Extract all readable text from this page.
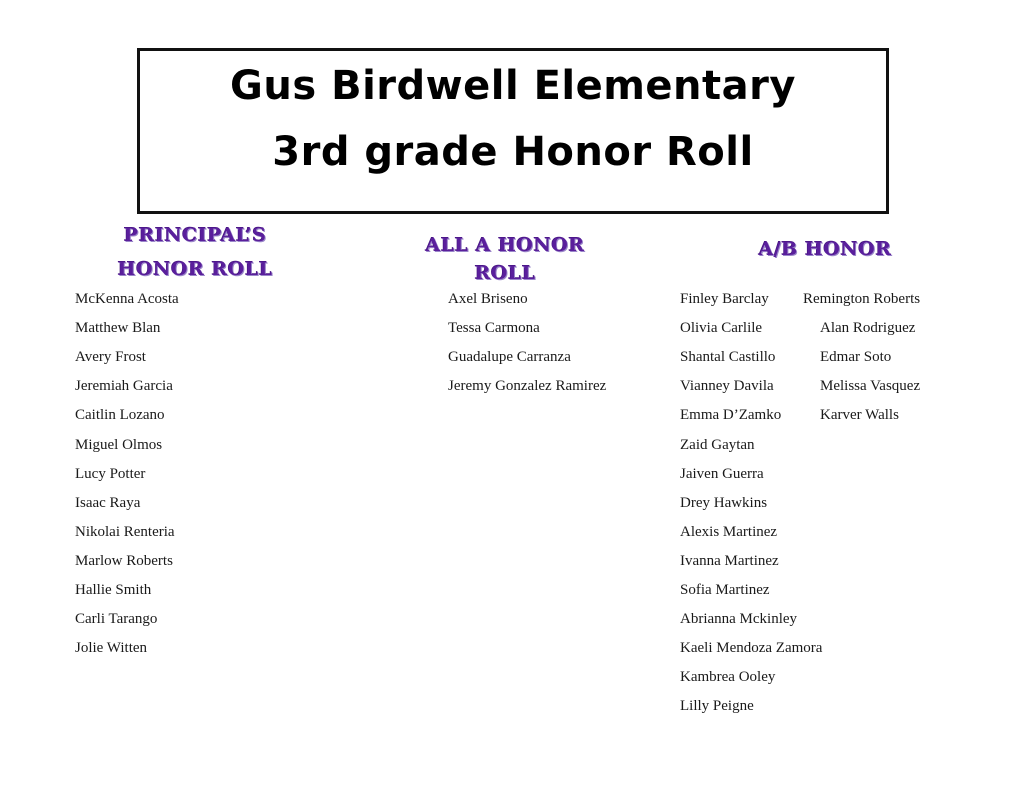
Gus Birdwell Elementary
3rd grade Honor Roll
PRINCIPAL’S
HONOR ROLL
ALL A HONOR
ROLL
A/B HONOR
McKenna Acosta
Matthew Blan
Avery Frost
Jeremiah Garcia
Caitlin Lozano
Miguel Olmos
Lucy Potter
Isaac Raya
Nikolai Renteria
Marlow Roberts
Hallie Smith
Carli Tarango
Jolie Witten
Axel Briseno
Tessa Carmona
Guadalupe Carranza
Jeremy Gonzalez Ramirez
Finley Barclay
Olivia Carlile
Shantal Castillo
Vianney Davila
Emma D’Zamko
Zaid Gaytan
Jaiven Guerra
Drey Hawkins
Alexis Martinez
Ivanna Martinez
Sofia Martinez
Abrianna Mckinley
Kaeli Mendoza Zamora
Kambrea Ooley
Lilly Peigne
Remington Roberts
Alan Rodriguez
Edmar Soto
Melissa Vasquez
Karver Walls
